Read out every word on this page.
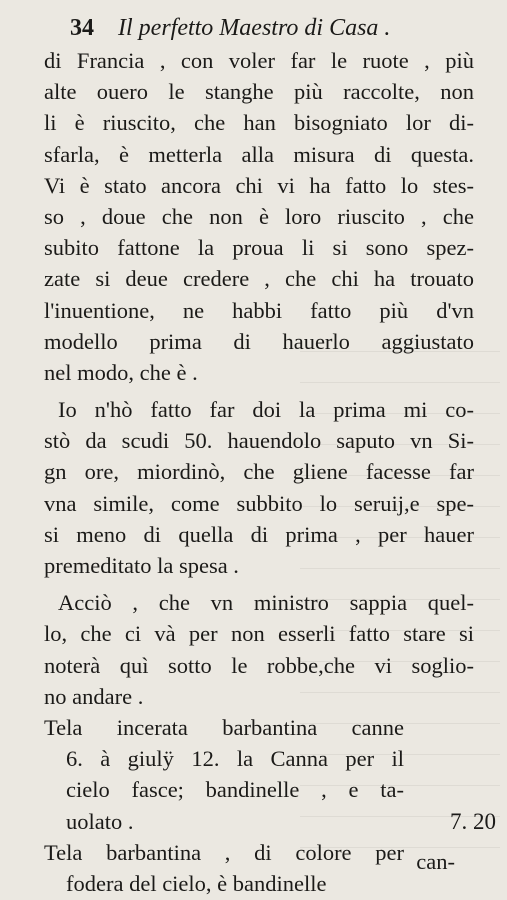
34 Il perfetto Maestro di Casa .
di Francia , con voler far le ruote , più
alte ouero le stanghe più raccolte, non
li è riuscito, che han bisogniato lor di-
sfarla, è metterla alla misura di questa.
Vi è stato ancora chi vi ha fatto lo stes-
so , doue che non è loro riuscito , che
subito fattone la proua li si sono spez-
zate si deue credere , che chi ha trouato
l'inuentione, ne habbi fatto più d'vn
modello prima di hauerlo aggiustato
nel modo, che è .
Io n'hò fatto far doi la prima mi co-
stò da scudi 50. hauendolo saputo vn Si-
gn ore, miordinò, che gliene facesse far
vna simile, come subbito lo seruij,e spe-
si meno di quella di prima , per hauer
premeditato la spesa .
Acciò , che vn ministro sappia quel-
lo, che ci và per non esserli fatto stare si
noterà quì sotto le robbe,che vi soglio-
no andare .
Tela incerata barbantina canne
6. à giulÿ 12. la Canna per il
cielo fasce; bandinelle , e ta-
uolato .	7. 20
Tela barbantina , di colore per
fodera del cielo, è bandinelle
can-
